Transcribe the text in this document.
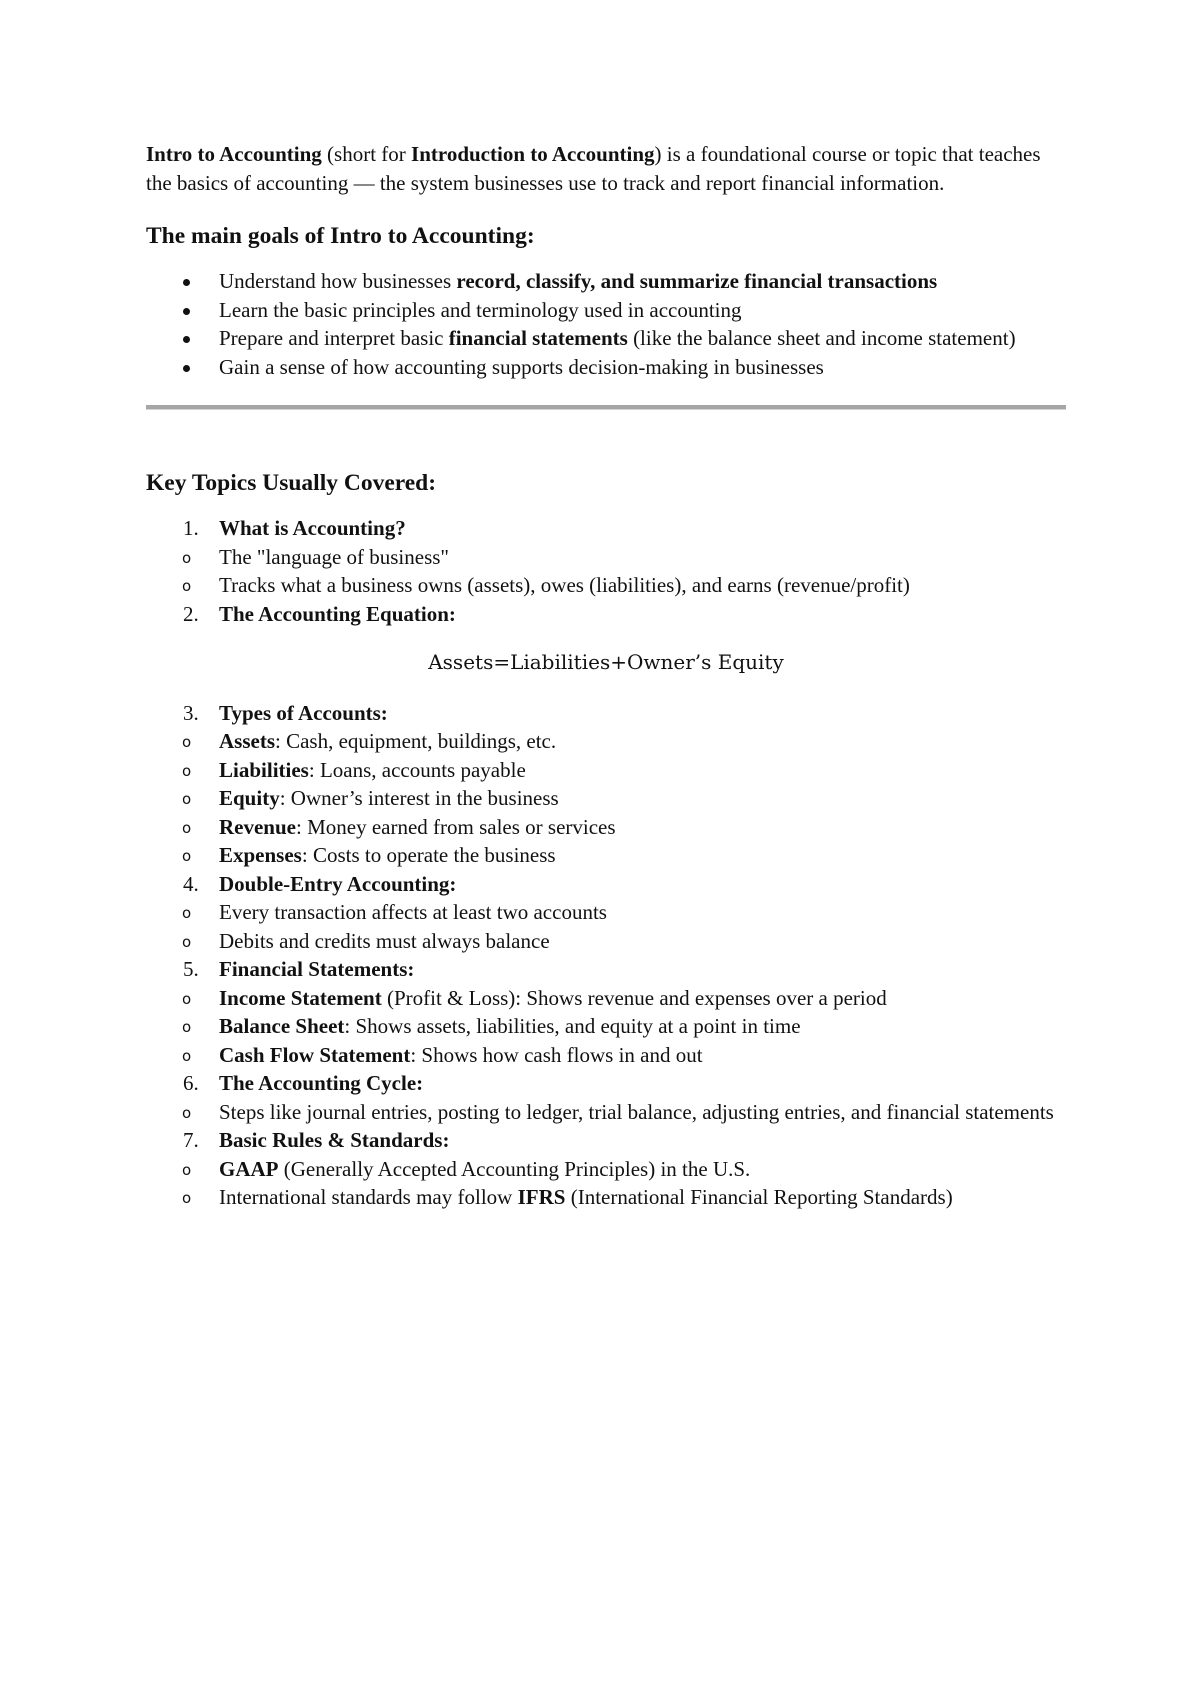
Intro to Accounting (short for Introduction to Accounting) is a foundational course or topic that teaches the basics of accounting — the system businesses use to track and report financial information.

The main goals of Intro to Accounting:
Understand how businesses record, classify, and summarize financial transactions
Learn the basic principles and terminology used in accounting
Prepare and interpret basic financial statements (like the balance sheet and income statement)
Gain a sense of how accounting supports decision-making in businesses
Key Topics Usually Covered:
1. What is Accounting?
o The "language of business"
o Tracks what a business owns (assets), owes (liabilities), and earns (revenue/profit)
2. The Accounting Equation:
Assets=Liabilities+Owner’s Equity
3. Types of Accounts:
o Assets: Cash, equipment, buildings, etc.
o Liabilities: Loans, accounts payable
o Equity: Owner’s interest in the business
o Revenue: Money earned from sales or services
o Expenses: Costs to operate the business
4. Double-Entry Accounting:
o Every transaction affects at least two accounts
o Debits and credits must always balance
5. Financial Statements:
o Income Statement (Profit & Loss): Shows revenue and expenses over a period
o Balance Sheet: Shows assets, liabilities, and equity at a point in time
o Cash Flow Statement: Shows how cash flows in and out
6. The Accounting Cycle:
o Steps like journal entries, posting to ledger, trial balance, adjusting entries, and financial statements
7. Basic Rules & Standards:
o GAAP (Generally Accepted Accounting Principles) in the U.S.
o International standards may follow IFRS (International Financial Reporting Standards)
